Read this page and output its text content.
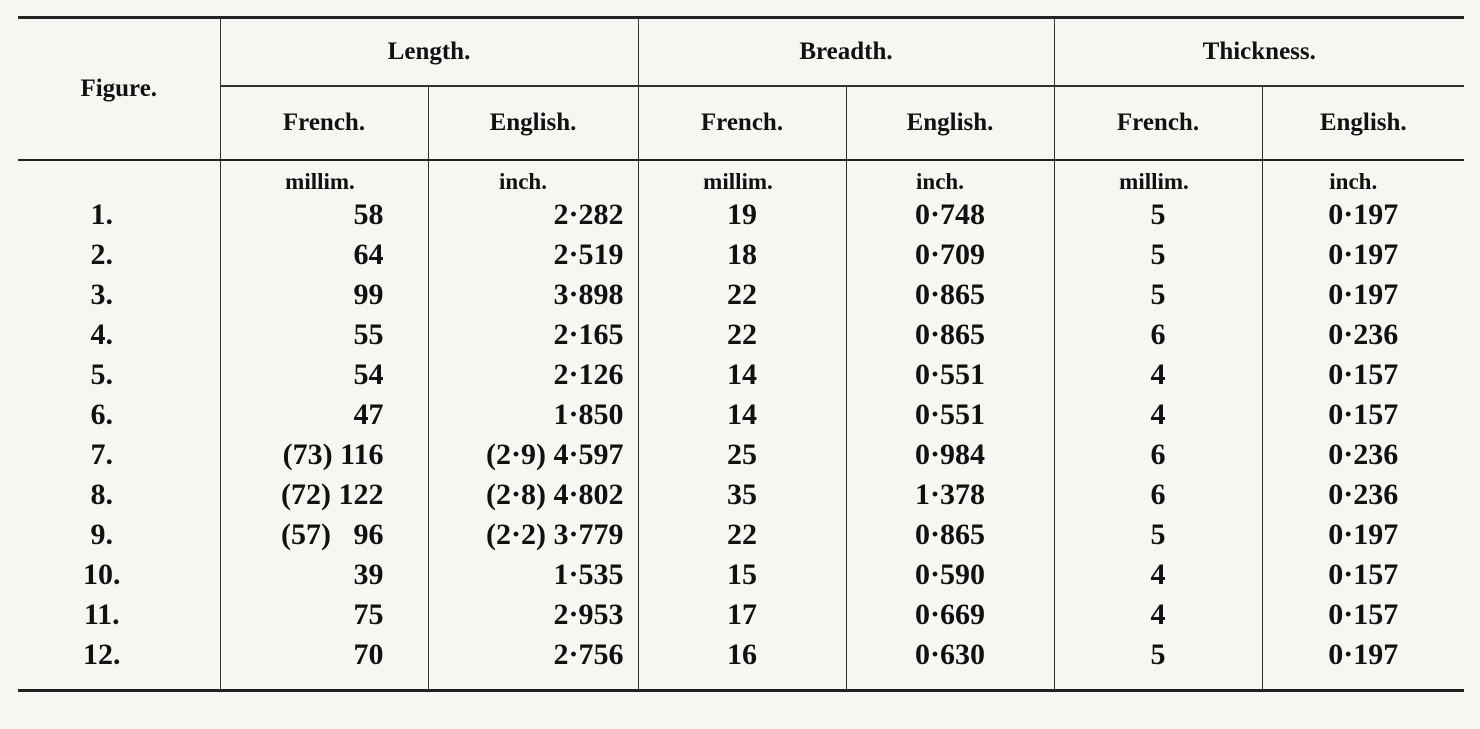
Figure.	Length.		Breadth.		Thickness.	
	French.	English.	French.	English.	French.	English.
	millim.	inch.	millim.	inch.	millim.	inch.
1.	58	2·282	19	0·748	5	0·197
2.	64	2·519	18	0·709	5	0·197
3.	99	3·898	22	0·865	5	0·197
4.	55	2·165	22	0·865	6	0·236
5.	54	2·126	14	0·551	4	0·157
6.	47	1·850	14	0·551	4	0·157
7.	(73) 116	(2·9) 4·597	25	0·984	6	0·236
8.	(72) 122	(2·8) 4·802	35	1·378	6	0·236
9.	(57)   96	(2·2) 3·779	22	0·865	5	0·197
10.	39	1·535	15	0·590	4	0·157
11.	75	2·953	17	0·669	4	0·157
12.	70	2·756	16	0·630	5	0·197
